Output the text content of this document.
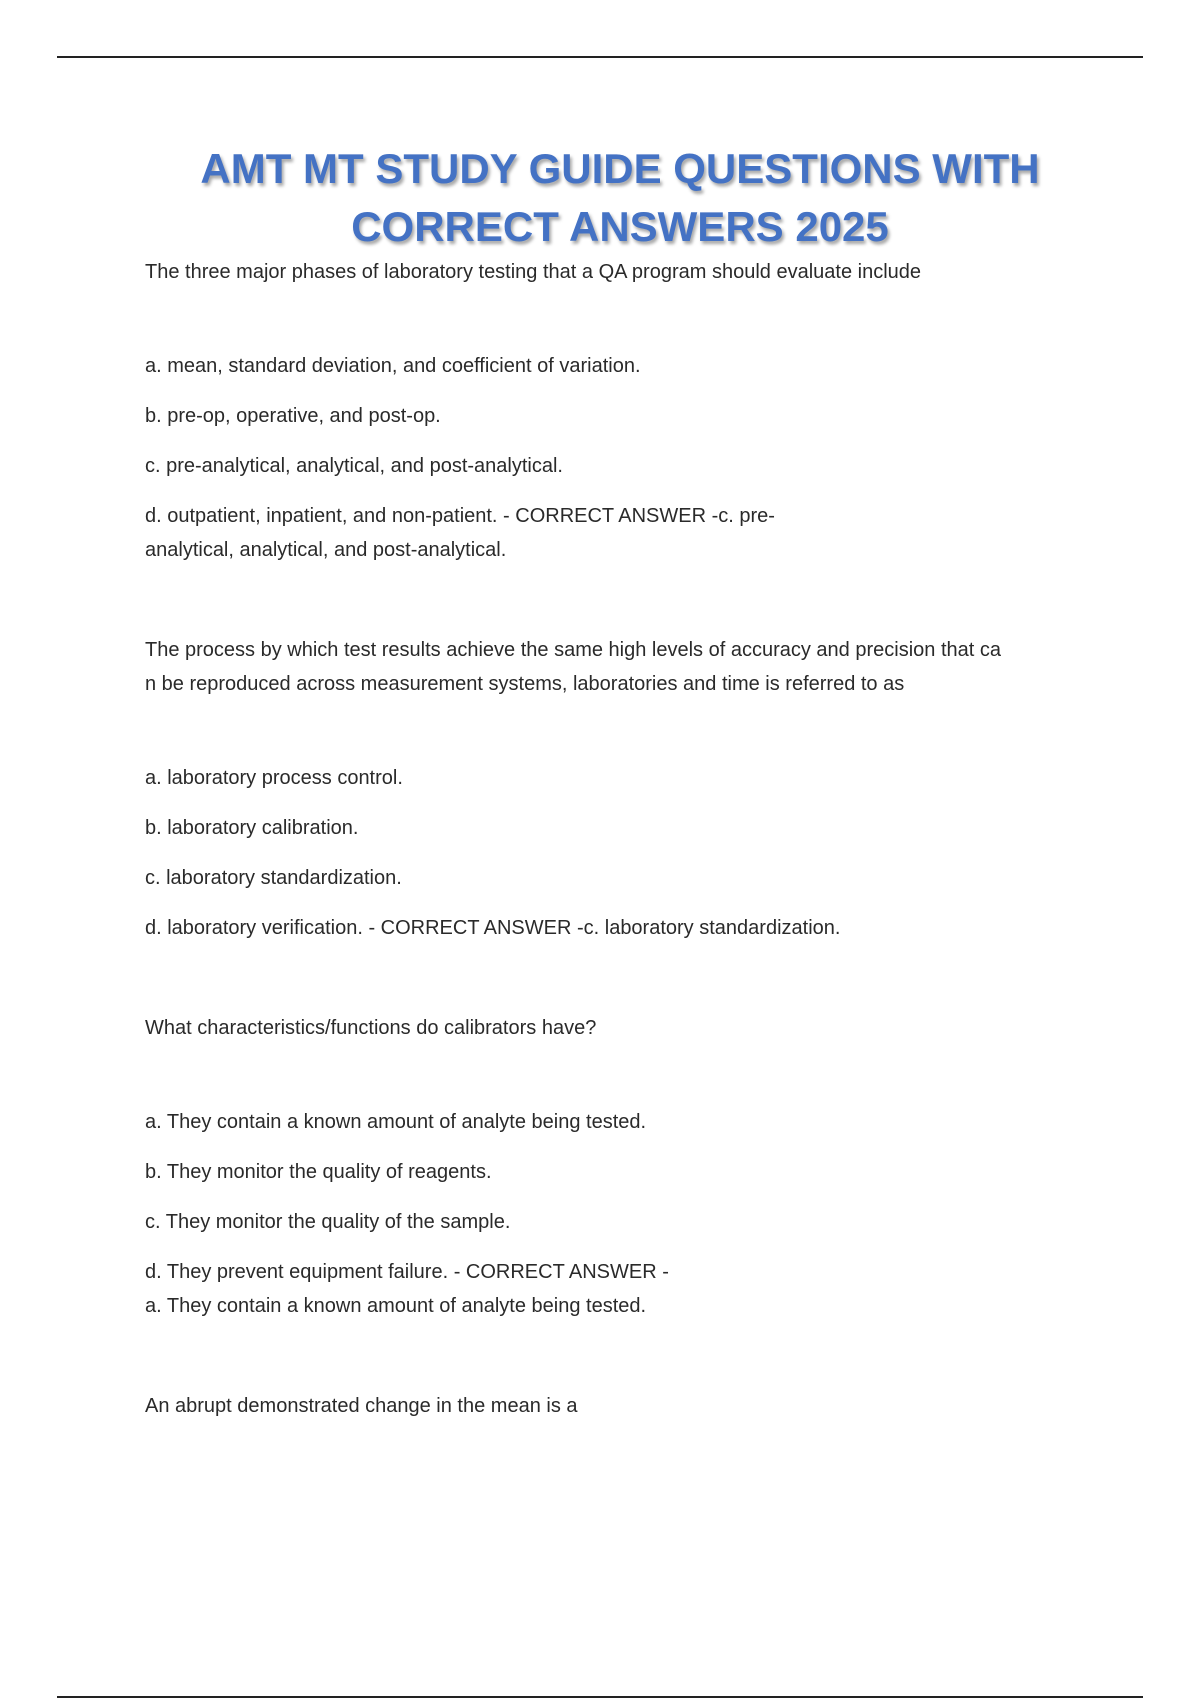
AMT MT STUDY GUIDE QUESTIONS WITH
CORRECT ANSWERS 2025

The three major phases of laboratory testing that a QA program should evaluate include

a. mean, standard deviation, and coefficient of variation.

b. pre-op, operative, and post-op.

c. pre-analytical, analytical, and post-analytical.

d. outpatient, inpatient, and non-patient. - CORRECT ANSWER -c. pre-

analytical, analytical, and post-analytical.

The process by which test results achieve the same high levels of accuracy and precision that ca

n be reproduced across measurement systems, laboratories and time is referred to as

a. laboratory process control.

b. laboratory calibration.

c. laboratory standardization.

d. laboratory verification. - CORRECT ANSWER -c. laboratory standardization.

What characteristics/functions do calibrators have?

a. They contain a known amount of analyte being tested.

b. They monitor the quality of reagents.

c. They monitor the quality of the sample.

d. They prevent equipment failure. - CORRECT ANSWER -

a. They contain a known amount of analyte being tested.

An abrupt demonstrated change in the mean is a
